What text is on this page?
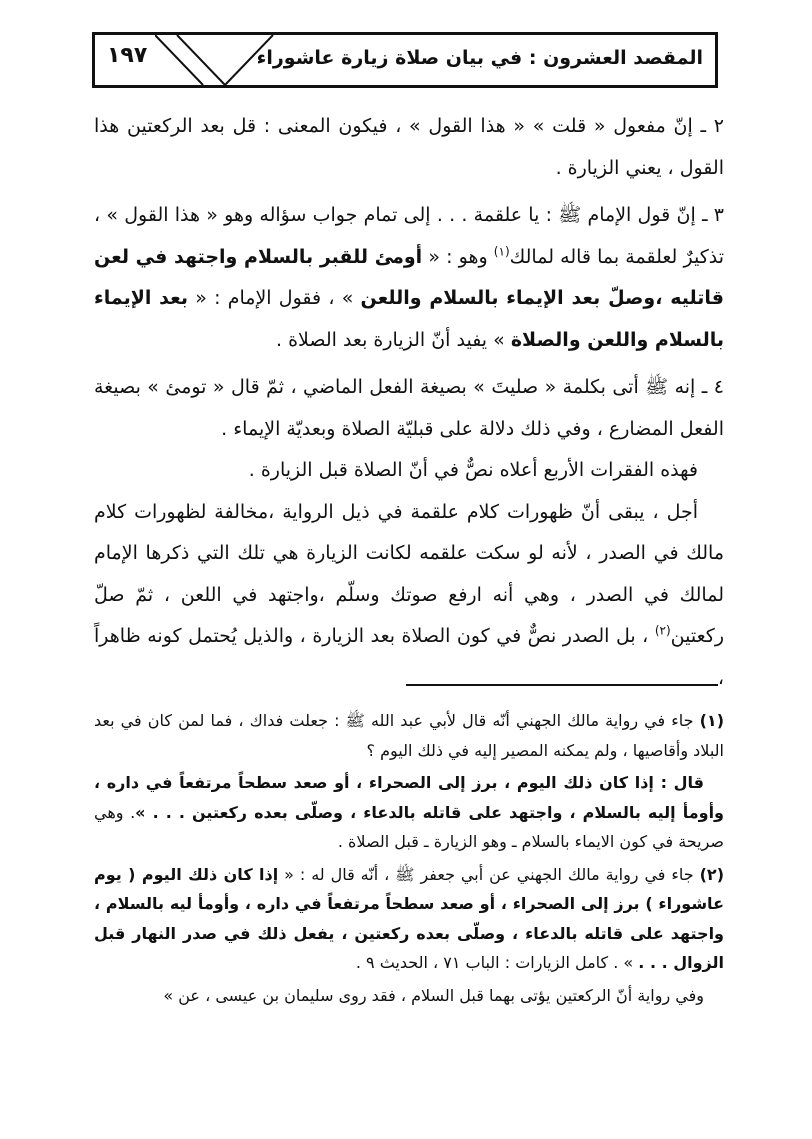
المقصد العشرون : في بيان صلاة زيارة عاشوراء
١٩٧

٢ ـ إنّ مفعول « قلت » « هذا القول » ، فيكون المعنى : قل بعد الركعتين هذا القول ، يعني الزيارة .

٣ ـ إنّ قول الإمام ﷺ : يا علقمة . . . إلى تمام جواب سؤاله وهو « هذا القول » ، تذكيرٌ لعلقمة بما قاله لمالك$^{(١)}$ وهو : « أومئ للقبر بالسلام واجتهد في لعن قاتليه ،وصلّ بعد الإيماء بالسلام واللعن » ، فقول الإمام : « بعد الإيماء بالسلام واللعن والصلاة » يفيد أنّ الزيارة بعد الصلاة .

٤ ـ إنه ﷺ أتى بكلمة « صليتَ » بصيغة الفعل الماضي ، ثمّ قال « تومئ » بصيغة الفعل المضارع ، وفي ذلك دلالة على قبليّة الصلاة وبعديّة الإيماء .

فهذه الفقرات الأربع أعلاه نصٌّ في أنّ الصلاة قبل الزيارة .

أجل ، يبقى أنّ ظهورات كلام علقمة في ذيل الرواية ،مخالفة لظهورات كلام مالك في الصدر ، لأنه لو سكت علقمه لكانت الزيارة هي تلك التي ذكرها الإمام لمالك في الصدر ، وهي أنه ارفع صوتك وسلّم ،واجتهد في اللعن ، ثمّ صلّ ركعتين$^{(٢)}$ ، بل الصدر نصٌّ في كون الصلاة بعد الزيارة ، والذيل يُحتمل كونه ظاهراً ،

(١) جاء في رواية مالك الجهني أنّه قال لأبي عبد الله ﷺ : جعلت فداك ، فما لمن كان في بعد البلاد وأقاصيها ، ولم يمكنه المصير إليه في ذلك اليوم ؟

قال : إذا كان ذلك اليوم ، برز إلى الصحراء ، أو صعد سطحاً مرتفعاً في داره ، وأومأ إليه بالسلام ، واجتهد على قاتله بالدعاء ، وصلّى بعده ركعتين . . . ». وهي صريحة في كون الايماء بالسلام ـ وهو الزيارة ـ قبل الصلاة .

(٢) جاء في رواية مالك الجهني عن أبي جعفر ﷺ ، أنّه قال له : « إذا كان ذلك اليوم ( يوم عاشوراء ) برز إلى الصحراء ، أو صعد سطحاً مرتفعاً في داره ، وأومأ ليه بالسلام ، واجتهد على قاتله بالدعاء ، وصلّى بعده ركعتين ، يفعل ذلك في صدر النهار قبل الزوال . . . » . كامل الزيارات : الباب ٧١ ، الحديث ٩ .

وفي رواية أنّ الركعتين يؤتى بهما قبل السلام ، فقد روى سليمان بن عيسى ، عن »
